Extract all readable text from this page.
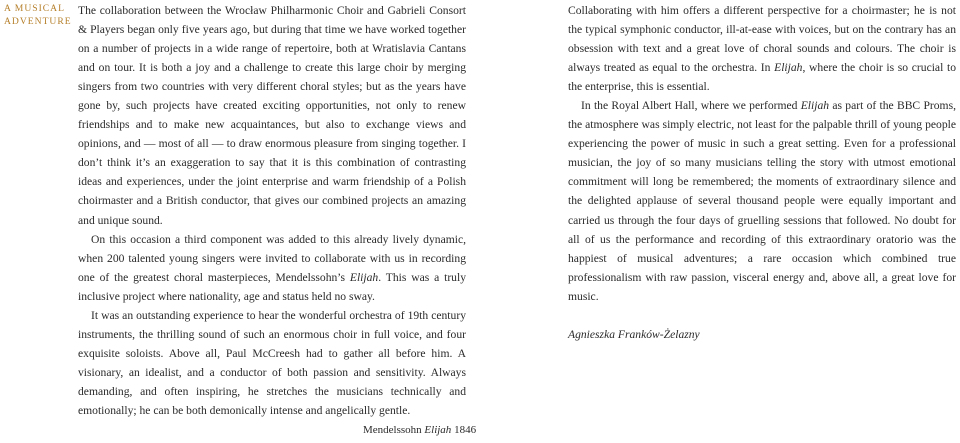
A MUSICAL
ADVENTURE

The collaboration between the Wrocław Philharmonic Choir and Gabrieli Consort & Players began only five years ago, but during that time we have worked together on a number of projects in a wide range of repertoire, both at Wratislavia Cantans and on tour. It is both a joy and a challenge to create this large choir by merging singers from two countries with very different choral styles; but as the years have gone by, such projects have created exciting opportunities, not only to renew friendships and to make new acquaintances, but also to exchange views and opinions, and — most of all — to draw enormous pleasure from singing together. I don’t think it’s an exaggeration to say that it is this combination of contrasting ideas and experiences, under the joint enterprise and warm friendship of a Polish choirmaster and a British conductor, that gives our combined projects an amazing and unique sound.

On this occasion a third component was added to this already lively dynamic, when 200 talented young singers were invited to collaborate with us in recording one of the greatest choral masterpieces, Mendelssohn’s Elijah. This was a truly inclusive project where nationality, age and status held no sway.

It was an outstanding experience to hear the wonderful orchestra of 19th century instruments, the thrilling sound of such an enormous choir in full voice, and four exquisite soloists. Above all, Paul McCreesh had to gather all before him. A visionary, an idealist, and a conductor of both passion and sensitivity. Always demanding, and often inspiring, he stretches the musicians technically and emotionally; he can be both demonically intense and angelically gentle.

Collaborating with him offers a different perspective for a choirmaster; he is not the typical symphonic conductor, ill-at-ease with voices, but on the contrary has an obsession with text and a great love of choral sounds and colours. The choir is always treated as equal to the orchestra. In Elijah, where the choir is so crucial to the enterprise, this is essential.

In the Royal Albert Hall, where we performed Elijah as part of the BBC Proms, the atmosphere was simply electric, not least for the palpable thrill of young people experiencing the power of music in such a great setting. Even for a professional musician, the joy of so many musicians telling the story with utmost emotional commitment will long be remembered; the moments of extraordinary silence and the delighted applause of several thousand people were equally important and carried us through the four days of gruelling sessions that followed. No doubt for all of us the performance and recording of this extraordinary oratorio was the happiest of musical adventures; a rare occasion which combined true professionalism with raw passion, visceral energy and, above all, a great love for music.

Agnieszka Franków-Żelazny

Mendelssohn Elijah 1846
